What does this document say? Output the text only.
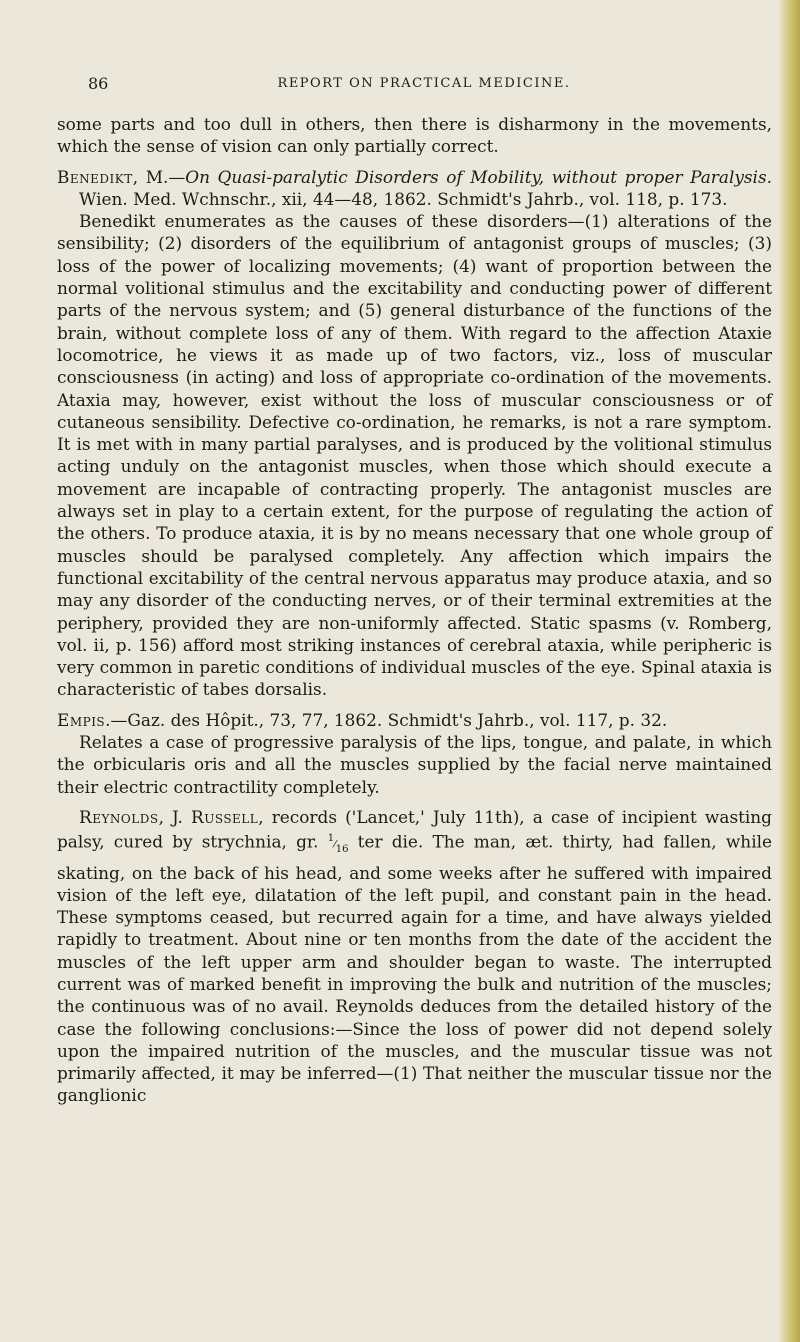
86	REPORT ON PRACTICAL MEDICINE.

some parts and too dull in others, then there is disharmony in the movements, which the sense of vision can only partially correct.

Benedikt, M.—On Quasi-paralytic Disorders of Mobility, without proper Paralysis. Wien. Med. Wchnschr., xii, 44—48, 1862. Schmidt's Jahrb., vol. 118, p. 173.

Benedikt enumerates as the causes of these disorders—(1) alterations of the sensibility; (2) disorders of the equilibrium of antagonist groups of muscles; (3) loss of the power of localizing movements; (4) want of proportion between the normal volitional stimulus and the excitability and conducting power of different parts of the nervous system; and (5) general disturbance of the functions of the brain, without complete loss of any of them. With regard to the affection Ataxie locomotrice, he views it as made up of two factors, viz., loss of muscular consciousness (in acting) and loss of appropriate co-ordination of the movements. Ataxia may, however, exist without the loss of muscular consciousness or of cutaneous sensibility. Defective co-ordination, he remarks, is not a rare symptom. It is met with in many partial paralyses, and is produced by the volitional stimulus acting unduly on the antagonist muscles, when those which should execute a movement are incapable of contracting properly. The antagonist muscles are always set in play to a certain extent, for the purpose of regulating the action of the others. To produce ataxia, it is by no means necessary that one whole group of muscles should be paralysed completely. Any affection which impairs the functional excitability of the central nervous apparatus may produce ataxia, and so may any disorder of the conducting nerves, or of their terminal extremities at the periphery, provided they are non-uniformly affected. Static spasms (v. Romberg, vol. ii, p. 156) afford most striking instances of cerebral ataxia, while peripheric is very common in paretic conditions of individual muscles of the eye. Spinal ataxia is characteristic of tabes dorsalis.

Empis.—Gaz. des Hôpit., 73, 77, 1862. Schmidt's Jahrb., vol. 117, p. 32.

Relates a case of progressive paralysis of the lips, tongue, and palate, in which the orbicularis oris and all the muscles supplied by the facial nerve maintained their electric contractility completely.

Reynolds, J. Russell, records ('Lancet,' July 11th), a case of incipient wasting palsy, cured by strychnia, gr. $^1⁄_{16}$ ter die. The man, æt. thirty, had fallen, while skating, on the back of his head, and some weeks after he suffered with impaired vision of the left eye, dilatation of the left pupil, and constant pain in the head. These symptoms ceased, but recurred again for a time, and have always yielded rapidly to treatment. About nine or ten months from the date of the accident the muscles of the left upper arm and shoulder began to waste. The interrupted current was of marked benefit in improving the bulk and nutrition of the muscles; the continuous was of no avail. Reynolds deduces from the detailed history of the case the following conclusions:—Since the loss of power did not depend solely upon the impaired nutrition of the muscles, and the muscular tissue was not primarily affected, it may be inferred—(1) That neither the muscular tissue nor the ganglionic
